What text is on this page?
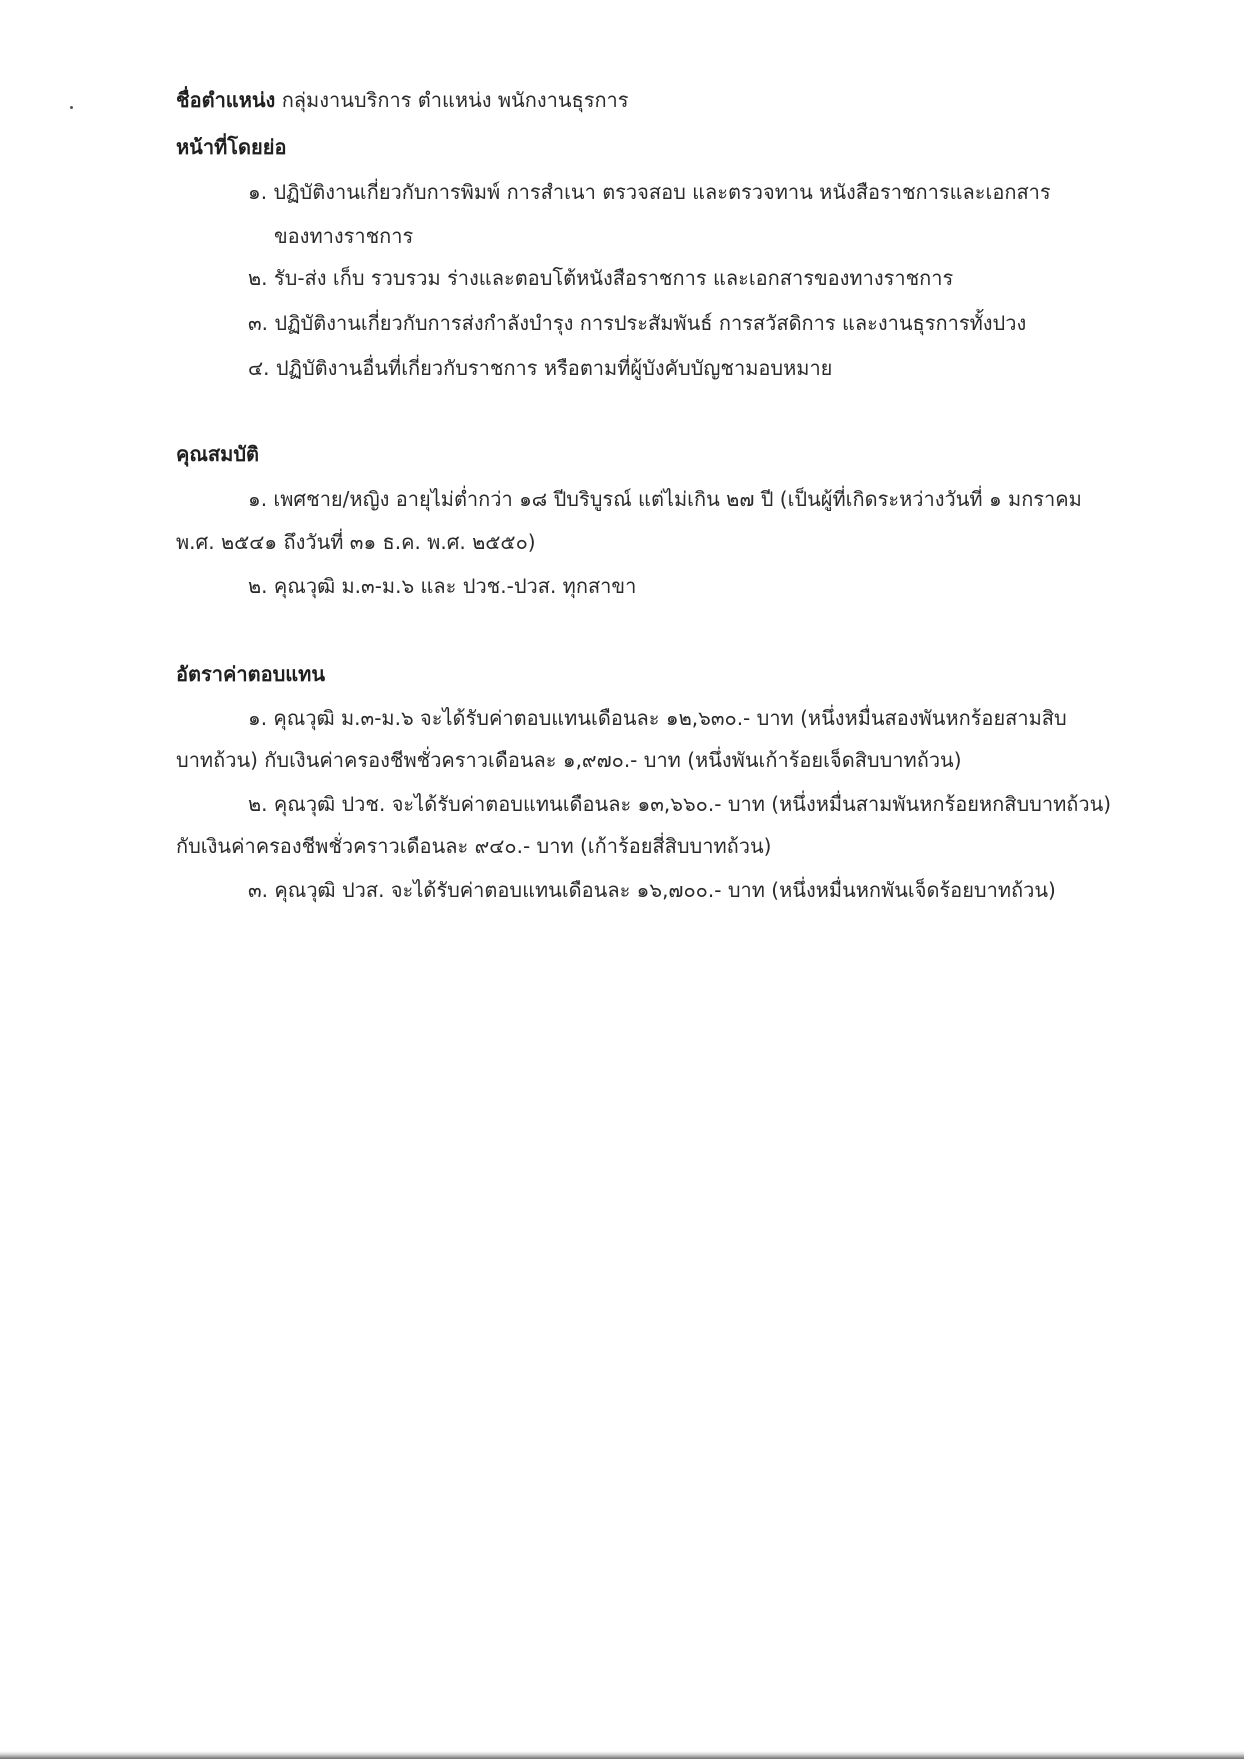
ชื่อตำแหน่ง กลุ่มงานบริการ ตำแหน่ง พนักงานธุรการ
หน้าที่โดยย่อ
๑. ปฏิบัติงานเกี่ยวกับการพิมพ์ การสำเนา ตรวจสอบ และตรวจทาน หนังสือราชการและเอกสาร
ของทางราชการ
๒. รับ-ส่ง เก็บ รวบรวม ร่างและตอบโต้หนังสือราชการ และเอกสารของทางราชการ
๓. ปฏิบัติงานเกี่ยวกับการส่งกำลังบำรุง การประสัมพันธ์ การสวัสดิการ และงานธุรการทั้งปวง
๔. ปฏิบัติงานอื่นที่เกี่ยวกับราชการ หรือตามที่ผู้บังคับบัญชามอบหมาย
คุณสมบัติ
๑. เพศชาย/หญิง อายุไม่ต่ำกว่า ๑๘ ปีบริบูรณ์ แต่ไม่เกิน ๒๗ ปี (เป็นผู้ที่เกิดระหว่างวันที่ ๑ มกราคม
พ.ศ. ๒๕๔๑ ถึงวันที่ ๓๑ ธ.ค. พ.ศ. ๒๕๕๐)
๒. คุณวุฒิ ม.๓-ม.๖ และ ปวช.-ปวส. ทุกสาขา
อัตราค่าตอบแทน
๑. คุณวุฒิ ม.๓-ม.๖ จะได้รับค่าตอบแทนเดือนละ ๑๒,๖๓๐.- บาท (หนึ่งหมื่นสองพันหกร้อยสามสิบ
บาทถ้วน) กับเงินค่าครองชีพชั่วคราวเดือนละ ๑,๙๗๐.- บาท (หนึ่งพันเก้าร้อยเจ็ดสิบบาทถ้วน)
๒. คุณวุฒิ ปวช. จะได้รับค่าตอบแทนเดือนละ ๑๓,๖๖๐.- บาท (หนึ่งหมื่นสามพันหกร้อยหกสิบบาทถ้วน)
กับเงินค่าครองชีพชั่วคราวเดือนละ ๙๔๐.- บาท (เก้าร้อยสี่สิบบาทถ้วน)
๓. คุณวุฒิ ปวส. จะได้รับค่าตอบแทนเดือนละ ๑๖,๗๐๐.- บาท (หนึ่งหมื่นหกพันเจ็ดร้อยบาทถ้วน)
